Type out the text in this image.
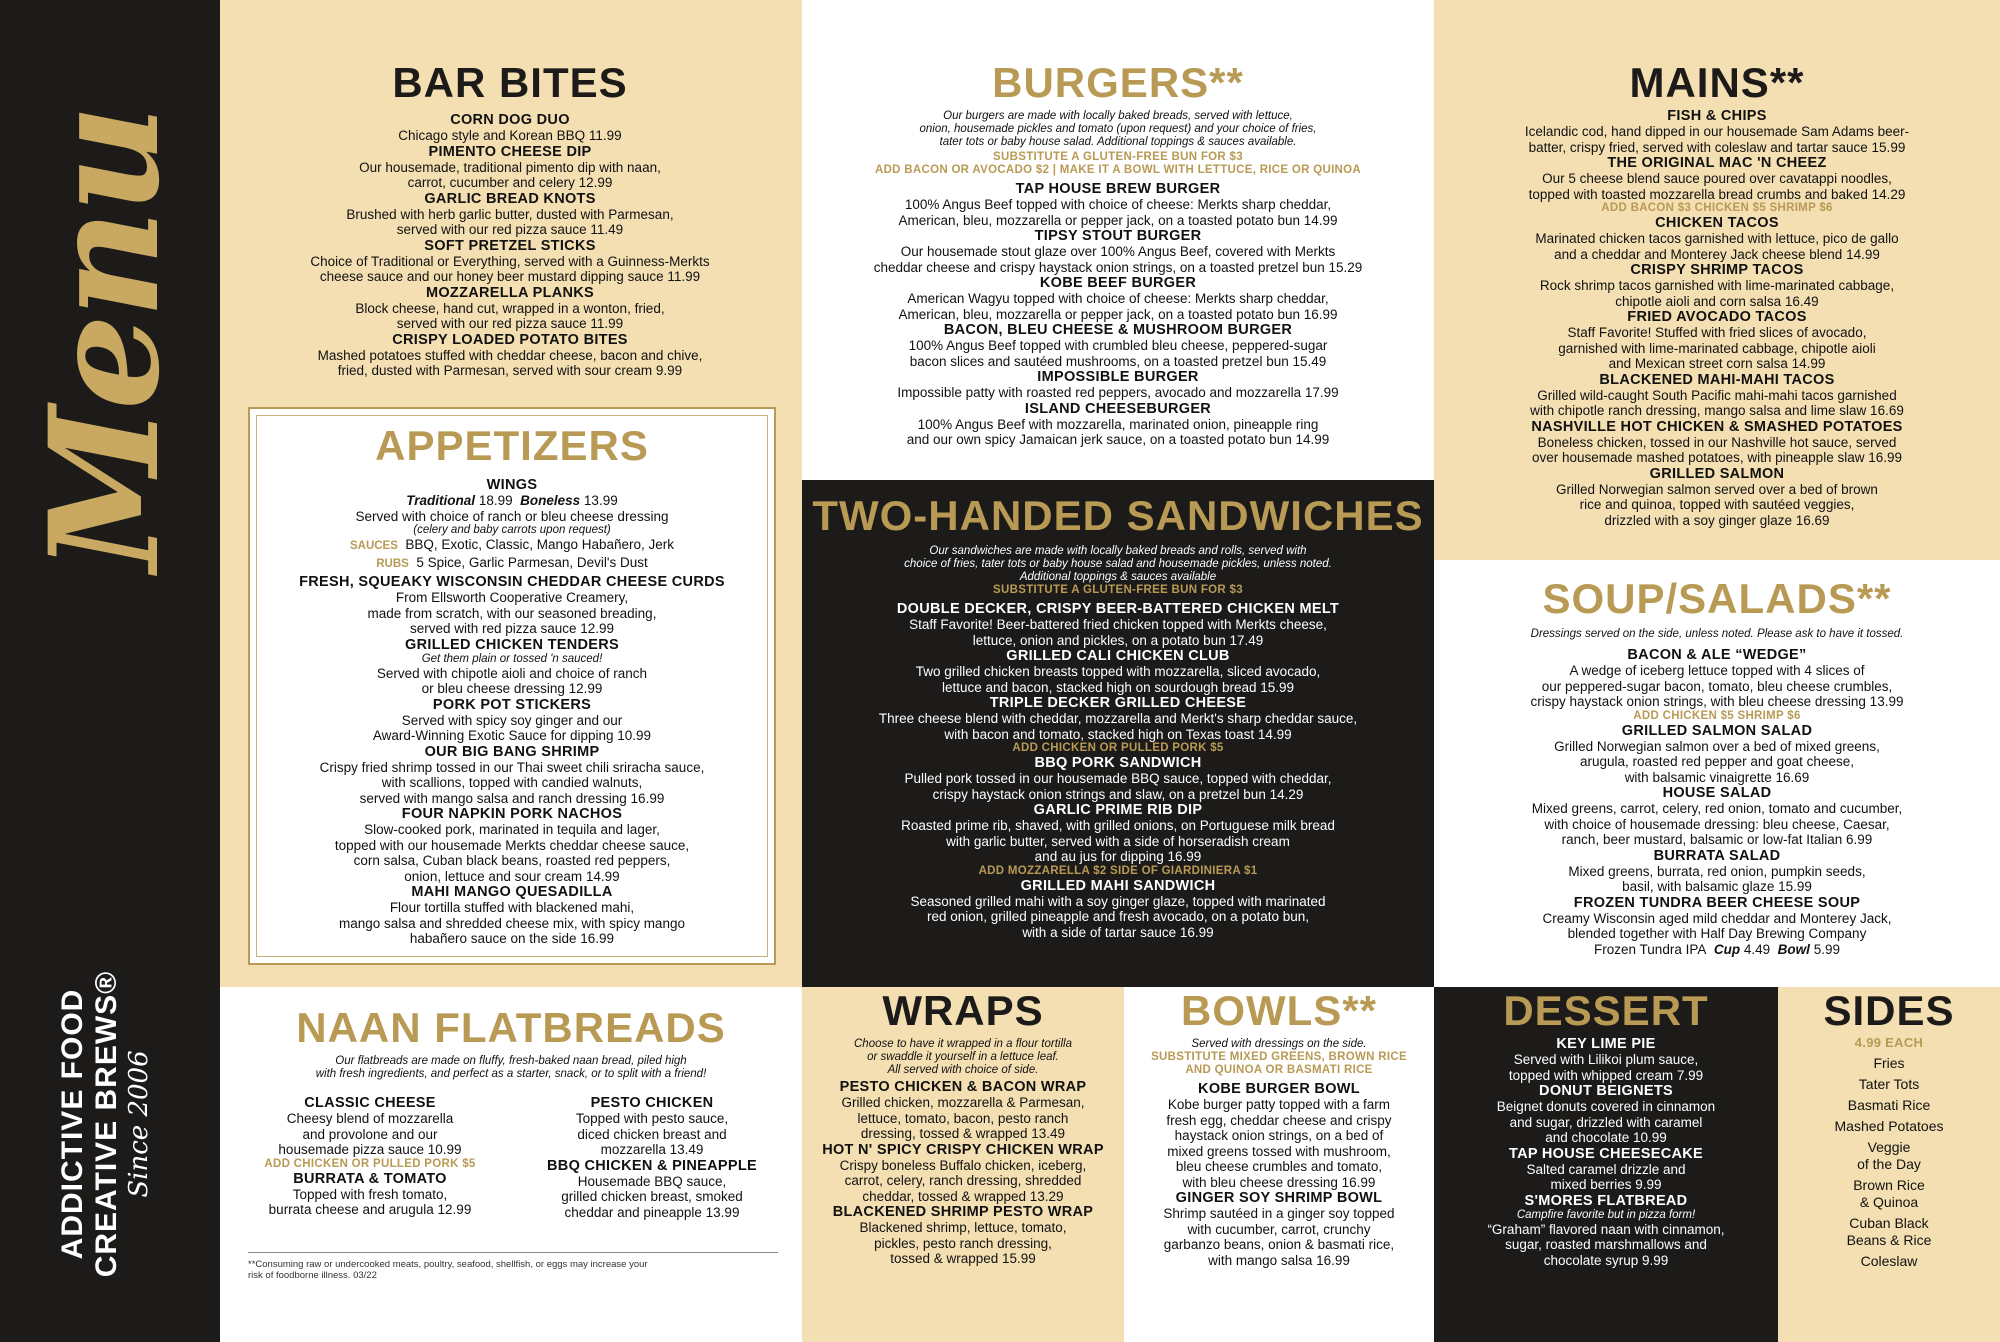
Menu
ADDICTIVE FOOD CREATIVE BREWS® Since 2006
BAR BITES
CORN DOG DUO
Chicago style and Korean BBQ 11.99
PIMENTO CHEESE DIP
Our housemade, traditional pimento dip with naan,
carrot, cucumber and celery 12.99
GARLIC BREAD KNOTS
Brushed with herb garlic butter, dusted with Parmesan,
served with our red pizza sauce 11.49
SOFT PRETZEL STICKS
Choice of Traditional or Everything, served with a Guinness-Merkts
cheese sauce and our honey beer mustard dipping sauce 11.99
MOZZARELLA PLANKS
Block cheese, hand cut, wrapped in a wonton, fried,
served with our red pizza sauce 11.99
CRISPY LOADED POTATO BITES
Mashed potatoes stuffed with cheddar cheese, bacon and chive,
fried, dusted with Parmesan, served with sour cream 9.99
APPETIZERS
WINGS
Traditional 18.99 Boneless 13.99
Served with choice of ranch or bleu cheese dressing
(celery and baby carrots upon request)
SAUCES BBQ, Exotic, Classic, Mango Habañero, Jerk
RUBS 5 Spice, Garlic Parmesan, Devil's Dust
FRESH, SQUEAKY WISCONSIN CHEDDAR CHEESE CURDS
From Ellsworth Cooperative Creamery,
made from scratch, with our seasoned breading,
served with red pizza sauce 12.99
GRILLED CHICKEN TENDERS
Get them plain or tossed 'n sauced!
Served with chipotle aioli and choice of ranch
or bleu cheese dressing 12.99
PORK POT STICKERS
Served with spicy soy ginger and our
Award-Winning Exotic Sauce for dipping 10.99
OUR BIG BANG SHRIMP
Crispy fried shrimp tossed in our Thai sweet chili sriracha sauce,
with scallions, topped with candied walnuts,
served with mango salsa and ranch dressing 16.99
FOUR NAPKIN PORK NACHOS
Slow-cooked pork, marinated in tequila and lager,
topped with our housemade Merkts cheddar cheese sauce,
corn salsa, Cuban black beans, roasted red peppers,
onion, lettuce and sour cream 14.99
MAHI MANGO QUESADILLA
Flour tortilla stuffed with blackened mahi,
mango salsa and shredded cheese mix, with spicy mango
habañero sauce on the side 16.99
NAAN FLATBREADS
Our flatbreads are made on fluffy, fresh-baked naan bread, piled high
with fresh ingredients, and perfect as a starter, snack, or to split with a friend!
CLASSIC CHEESE
Cheesy blend of mozzarella
and provolone and our
housemade pizza sauce 10.99
ADD CHICKEN OR PULLED PORK $5
BURRATA & TOMATO
Topped with fresh tomato,
burrata cheese and arugula 12.99
PESTO CHICKEN
Topped with pesto sauce,
diced chicken breast and
mozzarella 13.49
BBQ CHICKEN & PINEAPPLE
Housemade BBQ sauce,
grilled chicken breast, smoked
cheddar and pineapple 13.99
**Consuming raw or undercooked meats, poultry, seafood, shellfish, or eggs may increase your
risk of foodborne illness. 03/22
BURGERS**
Our burgers are made with locally baked breads, served with lettuce,
onion, housemade pickles and tomato (upon request) and your choice of fries,
tater tots or baby house salad. Additional toppings & sauces available.
SUBSTITUTE A GLUTEN-FREE BUN FOR $3
ADD BACON OR AVOCADO $2 | MAKE IT A BOWL WITH LETTUCE, RICE OR QUINOA
TAP HOUSE BREW BURGER
100% Angus Beef topped with choice of cheese: Merkts sharp cheddar,
American, bleu, mozzarella or pepper jack, on a toasted potato bun 14.99
TIPSY STOUT BURGER
Our housemade stout glaze over 100% Angus Beef, covered with Merkts
cheddar cheese and crispy haystack onion strings, on a toasted pretzel bun 15.29
KOBE BEEF BURGER
American Wagyu topped with choice of cheese: Merkts sharp cheddar,
American, bleu, mozzarella or pepper jack, on a toasted potato bun 16.99
BACON, BLEU CHEESE & MUSHROOM BURGER
100% Angus Beef topped with crumbled bleu cheese, peppered-sugar
bacon slices and sautéed mushrooms, on a toasted pretzel bun 15.49
IMPOSSIBLE BURGER
Impossible patty with roasted red peppers, avocado and mozzarella 17.99
ISLAND CHEESEBURGER
100% Angus Beef with mozzarella, marinated onion, pineapple ring
and our own spicy Jamaican jerk sauce, on a toasted potato bun 14.99
TWO-HANDED SANDWICHES
Our sandwiches are made with locally baked breads and rolls, served with
choice of fries, tater tots or baby house salad and housemade pickles, unless noted.
Additional toppings & sauces available
SUBSTITUTE A GLUTEN-FREE BUN FOR $3
DOUBLE DECKER, CRISPY BEER-BATTERED CHICKEN MELT
Staff Favorite! Beer-battered fried chicken topped with Merkts cheese,
lettuce, onion and pickles, on a potato bun 17.49
GRILLED CALI CHICKEN CLUB
Two grilled chicken breasts topped with mozzarella, sliced avocado,
lettuce and bacon, stacked high on sourdough bread 15.99
TRIPLE DECKER GRILLED CHEESE
Three cheese blend with cheddar, mozzarella and Merkt's sharp cheddar sauce,
with bacon and tomato, stacked high on Texas toast 14.99
ADD CHICKEN OR PULLED PORK $5
BBQ PORK SANDWICH
Pulled pork tossed in our housemade BBQ sauce, topped with cheddar,
crispy haystack onion strings and slaw, on a pretzel bun 14.29
GARLIC PRIME RIB DIP
Roasted prime rib, shaved, with grilled onions, on Portuguese milk bread
with garlic butter, served with a side of horseradish cream
and au jus for dipping 16.99
ADD MOZZARELLA $2 SIDE OF GIARDINIERA $1
GRILLED MAHI SANDWICH
Seasoned grilled mahi with a soy ginger glaze, topped with marinated
red onion, grilled pineapple and fresh avocado, on a potato bun,
with a side of tartar sauce 16.99
WRAPS
Choose to have it wrapped in a flour tortilla
or swaddle it yourself in a lettuce leaf.
All served with choice of side.
PESTO CHICKEN & BACON WRAP
Grilled chicken, mozzarella & Parmesan,
lettuce, tomato, bacon, pesto ranch
dressing, tossed & wrapped 13.49
HOT N' SPICY CRISPY CHICKEN WRAP
Crispy boneless Buffalo chicken, iceberg,
carrot, celery, ranch dressing, shredded
cheddar, tossed & wrapped 13.29
BLACKENED SHRIMP PESTO WRAP
Blackened shrimp, lettuce, tomato,
pickles, pesto ranch dressing,
tossed & wrapped 15.99
BOWLS**
Served with dressings on the side.
SUBSTITUTE MIXED GREENS, BROWN RICE
AND QUINOA OR BASMATI RICE
KOBE BURGER BOWL
Kobe burger patty topped with a farm
fresh egg, cheddar cheese and crispy
haystack onion strings, on a bed of
mixed greens tossed with mushroom,
bleu cheese crumbles and tomato,
with bleu cheese dressing 16.99
GINGER SOY SHRIMP BOWL
Shrimp sautéed in a ginger soy topped
with cucumber, carrot, crunchy
garbanzo beans, onion & basmati rice,
with mango salsa 16.99
MAINS**
FISH & CHIPS
Icelandic cod, hand dipped in our housemade Sam Adams beer-
batter, crispy fried, served with coleslaw and tartar sauce 15.99
THE ORIGINAL MAC 'N CHEEZ
Our 5 cheese blend sauce poured over cavatappi noodles,
topped with toasted mozzarella bread crumbs and baked 14.29
ADD BACON $3 CHICKEN $5 SHRIMP $6
CHICKEN TACOS
Marinated chicken tacos garnished with lettuce, pico de gallo
and a cheddar and Monterey Jack cheese blend 14.99
CRISPY SHRIMP TACOS
Rock shrimp tacos garnished with lime-marinated cabbage,
chipotle aioli and corn salsa 16.49
FRIED AVOCADO TACOS
Staff Favorite! Stuffed with fried slices of avocado,
garnished with lime-marinated cabbage, chipotle aioli
and Mexican street corn salsa 14.99
BLACKENED MAHI-MAHI TACOS
Grilled wild-caught South Pacific mahi-mahi tacos garnished
with chipotle ranch dressing, mango salsa and lime slaw 16.69
NASHVILLE HOT CHICKEN & SMASHED POTATOES
Boneless chicken, tossed in our Nashville hot sauce, served
over housemade mashed potatoes, with pineapple slaw 16.99
GRILLED SALMON
Grilled Norwegian salmon served over a bed of brown
rice and quinoa, topped with sautéed veggies,
drizzled with a soy ginger glaze 16.69
SOUP/SALADS**
Dressings served on the side, unless noted. Please ask to have it tossed.
BACON & ALE “WEDGE”
A wedge of iceberg lettuce topped with 4 slices of
our peppered-sugar bacon, tomato, bleu cheese crumbles,
crispy haystack onion strings, with bleu cheese dressing 13.99
ADD CHICKEN $5 SHRIMP $6
GRILLED SALMON SALAD
Grilled Norwegian salmon over a bed of mixed greens,
arugula, roasted red pepper and goat cheese,
with balsamic vinaigrette 16.69
HOUSE SALAD
Mixed greens, carrot, celery, red onion, tomato and cucumber,
with choice of housemade dressing: bleu cheese, Caesar,
ranch, beer mustard, balsamic or low-fat Italian 6.99
BURRATA SALAD
Mixed greens, burrata, red onion, pumpkin seeds,
basil, with balsamic glaze 15.99
FROZEN TUNDRA BEER CHEESE SOUP
Creamy Wisconsin aged mild cheddar and Monterey Jack,
blended together with Half Day Brewing Company
Frozen Tundra IPA Cup 4.49 Bowl 5.99
DESSERT
KEY LIME PIE
Served with Lilikoi plum sauce,
topped with whipped cream 7.99
DONUT BEIGNETS
Beignet donuts covered in cinnamon
and sugar, drizzled with caramel
and chocolate 10.99
TAP HOUSE CHEESECAKE
Salted caramel drizzle and
mixed berries 9.99
S'MORES FLATBREAD
Campfire favorite but in pizza form!
“Graham” flavored naan with cinnamon,
sugar, roasted marshmallows and
chocolate syrup 9.99
SIDES
4.99 EACH
Fries
Tater Tots
Basmati Rice
Mashed Potatoes
Veggie
of the Day
Brown Rice
& Quinoa
Cuban Black
Beans & Rice
Coleslaw
